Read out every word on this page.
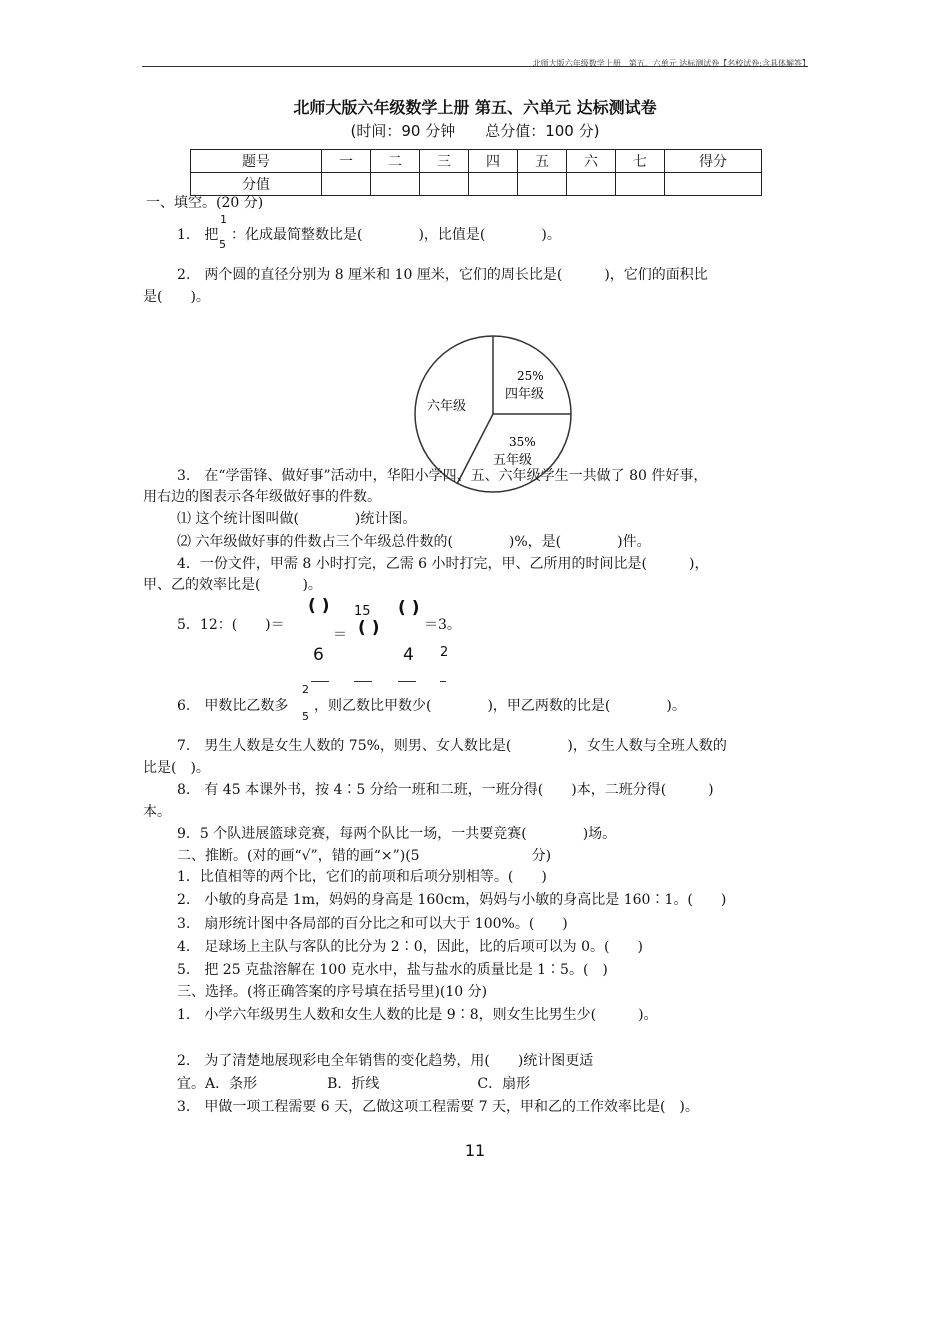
北师大版六年级数学上册　第五、六单元 达标测试卷【名校试卷:含具体解答】
北师大版六年级数学上册 第五、六单元 达标测试卷
(时间：90 分钟　　总分值：100 分)
题号	一	二	三	四	五	六	七	得分
分值								
一、填空。(20 分)
1.　把
1
5
：化成最简整数比是(　　　　)，比值是(　　　　)。
2.　两个圆的直径分别为 8 厘米和 10 厘米，它们的周长比是(　　　)，它们的面积比
是(　　)。
25%
四年级
35%
五年级
六年级
3.　在“学雷锋、做好事”活动中，华阳小学四、五、六年级学生一共做了 80 件好事，
用右边的图表示各年级做好事的件数。
⑴ 这个统计图叫做(　　　　)统计图。
⑵ 六年级做好事的件数占三个年级总件数的(　　　　)%，是(　　　　)件。
4．一份文件，甲需 8 小时打完，乙需 6 小时打完，甲、乙所用的时间比是(　　　)，
甲、乙的效率比是(　　　)。
5．12：(　　)＝
( )
＝
15
( )
( )
＝3。
6	4 2
6.　甲数比乙数多
2
5
，则乙数比甲数少(　　　　)，甲乙两数的比是(　　　　)。
7.　男生人数是女生人数的 75%，则男、女人数比是(　　　　)，女生人数与全班人数的
比是(　)。
8.　有 45 本课外书，按 4∶5 分给一班和二班，一班分得(　　)本，二班分得(　　　)
本。
9．5 个队进展篮球竞赛，每两个队比一场，一共要竞赛(　　　　)场。
二、推断。(对的画“√”，错的画“×”)(5　　　　　　　　分)
1．比值相等的两个比，它们的前项和后项分别相等。(　　)
2.　小敏的身高是 1m，妈妈的身高是 160cm，妈妈与小敏的身高比是 160∶1。(　　)
3.　扇形统计图中各局部的百分比之和可以大于 100%。(　　)
4.　足球场上主队与客队的比分为 2∶0，因此，比的后项可以为 0。(　　)
5.　把 25 克盐溶解在 100 克水中，盐与盐水的质量比是 1∶5。(　)
三、选择。(将正确答案的序号填在括号里)(10 分)
1.　小学六年级男生人数和女生人数的比是 9∶8，则女生比男生少(　　　)。
2.　为了清楚地展现彩电全年销售的变化趋势，用(　　)统计图更适
宜。A．条形　　　　　B．折线　　　　　　　C．扇形
3.　甲做一项工程需要 6 天，乙做这项工程需要 7 天，甲和乙的工作效率比是(　)。
11
